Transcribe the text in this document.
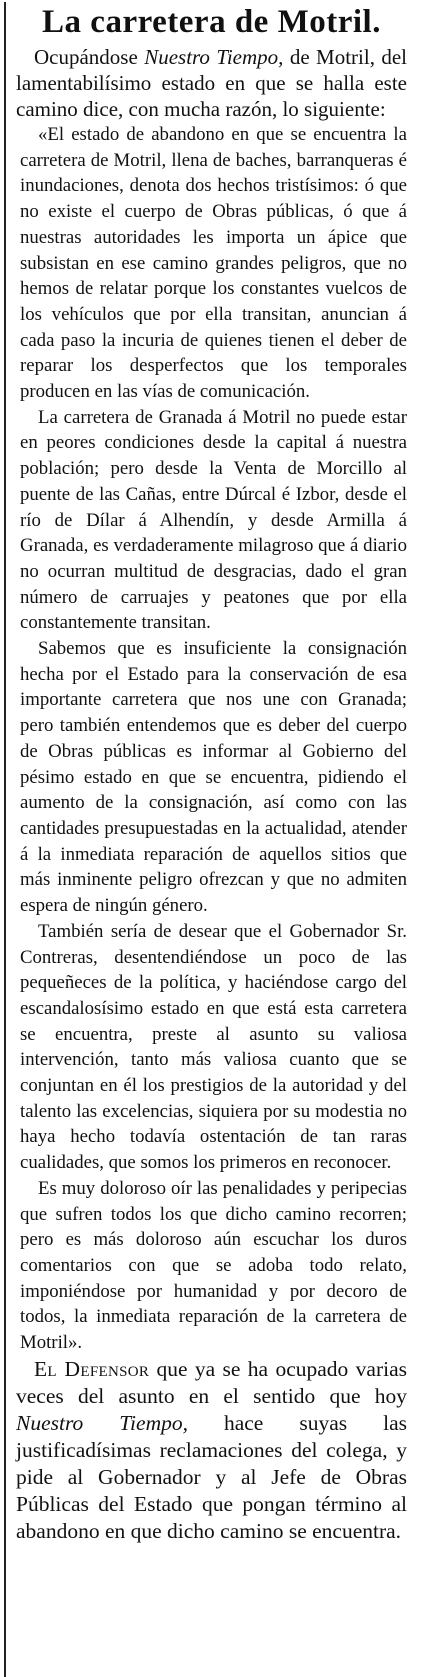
La carretera de Motril.

Ocupándose Nuestro Tiempo, de Motril, del lamentabilísimo estado en que se halla este camino dice, con mucha razón, lo siguiente:

«El estado de abandono en que se encuentra la carretera de Motril, llena de baches, barranqueras é inundaciones, denota dos hechos tristísimos: ó que no existe el cuerpo de Obras públicas, ó que á nuestras autoridades les importa un ápice que subsistan en ese camino grandes peligros, que no hemos de relatar porque los constantes vuelcos de los vehículos que por ella transitan, anuncian á cada paso la incuria de quienes tienen el deber de reparar los desperfectos que los temporales producen en las vías de comunicación.

La carretera de Granada á Motril no puede estar en peores condiciones desde la capital á nuestra población; pero desde la Venta de Morcillo al puente de las Cañas, entre Dúrcal é Izbor, desde el río de Dílar á Alhendín, y desde Armilla á Granada, es verdaderamente milagroso que á diario no ocurran multitud de desgracias, dado el gran número de carruajes y peatones que por ella constantemente transitan.

Sabemos que es insuficiente la consignación hecha por el Estado para la conservación de esa importante carretera que nos une con Granada; pero también entendemos que es deber del cuerpo de Obras públicas es informar al Gobierno del pésimo estado en que se encuentra, pidiendo el aumento de la consignación, así como con las cantidades presupuestadas en la actualidad, atender á la inmediata reparación de aquellos sitios que más inminente peligro ofrezcan y que no admiten espera de ningún género.

También sería de desear que el Gobernador Sr. Contreras, desentendiéndose un poco de las pequeñeces de la política, y haciéndose cargo del escandalosísimo estado en que está esta carretera se encuentra, preste al asunto su valiosa intervención, tanto más valiosa cuanto que se conjuntan en él los prestigios de la autoridad y del talento las excelencias, siquiera por su modestia no haya hecho todavía ostentación de tan raras cualidades, que somos los primeros en reconocer.

Es muy doloroso oír las penalidades y peripecias que sufren todos los que dicho camino recorren; pero es más doloroso aún escuchar los duros comentarios con que se adoba todo relato, imponiéndose por humanidad y por decoro de todos, la inmediata reparación de la carretera de Motril».

El Defensor que ya se ha ocupado varias veces del asunto en el sentido que hoy Nuestro Tiempo, hace suyas las justificadísimas reclamaciones del colega, y pide al Gobernador y al Jefe de Obras Públicas del Estado que pongan término al abandono en que dicho camino se encuentra.
